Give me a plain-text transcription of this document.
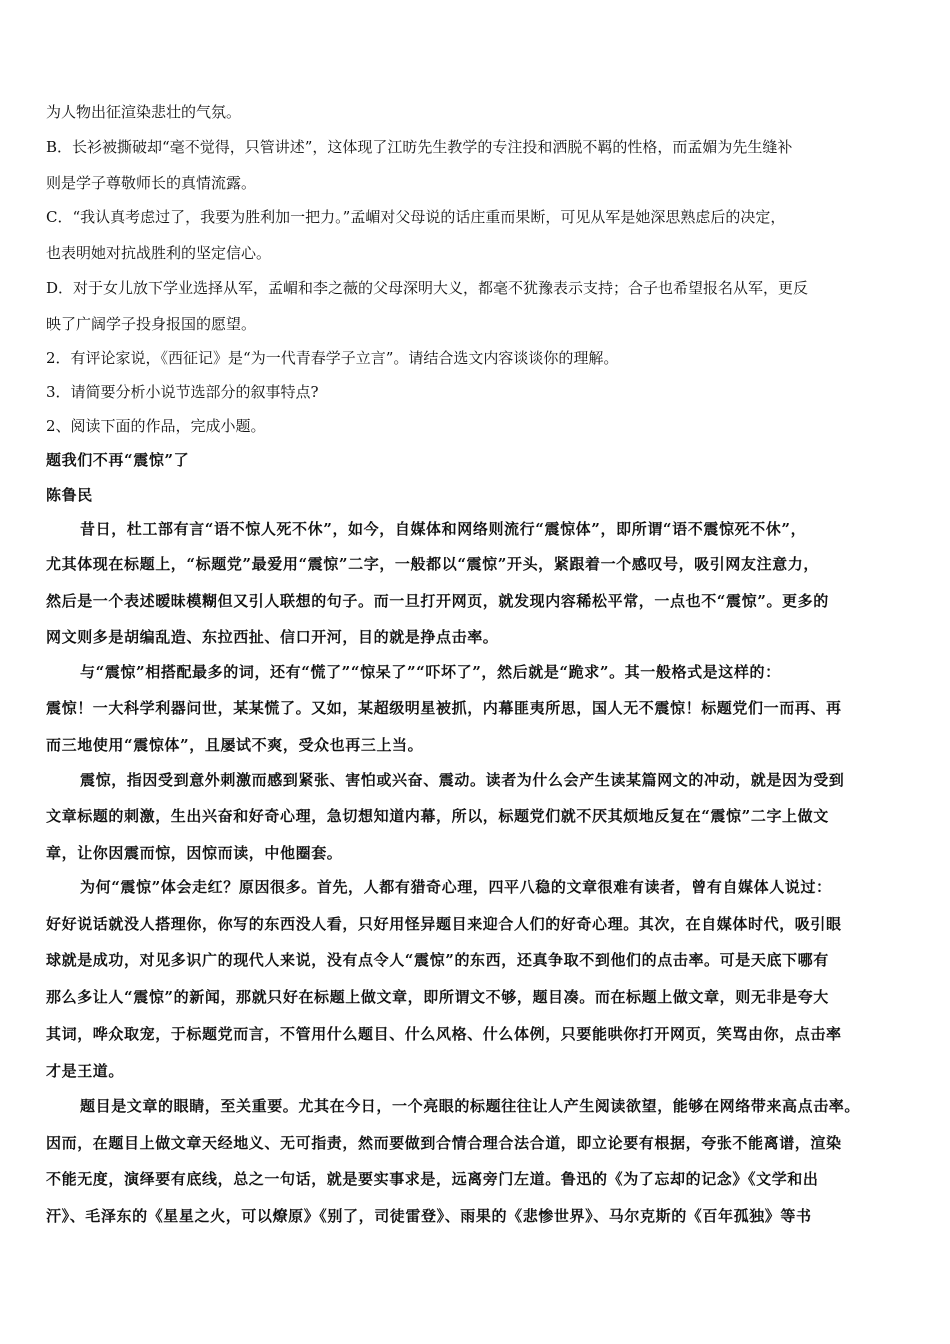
为人物出征渲染悲壮的气氛。
B．长衫被撕破却“毫不觉得，只管讲述”，这体现了江昉先生教学的专注投和洒脱不羁的性格，而孟媚为先生缝补
则是学子尊敬师长的真情流露。
C．“我认真考虑过了，我要为胜利加一把力。”孟嵋对父母说的话庄重而果断，可见从军是她深思熟虑后的决定，
也表明她对抗战胜利的坚定信心。
D．对于女儿放下学业选择从军，孟嵋和李之薇的父母深明大义，都毫不犹豫表示支持；合子也希望报名从军，更反
映了广阔学子投身报国的愿望。
2．有评论家说，《西征记》是“为一代青春学子立言”。请结合选文内容谈谈你的理解。
3．请简要分析小说节选部分的叙事特点?
2、阅读下面的作品，完成小题。
题我们不再“震惊”了
陈鲁民
昔日，杜工部有言“语不惊人死不休”，如今，自媒体和网络则流行“震惊体”，即所谓“语不震惊死不休”，
尤其体现在标题上，“标题党”最爱用“震惊”二字，一般都以“震惊”开头，紧跟着一个感叹号，吸引网友注意力，
然后是一个表述暧昧模糊但又引人联想的句子。而一旦打开网页，就发现内容稀松平常，一点也不“震惊”。更多的
网文则多是胡编乱造、东拉西扯、信口开河，目的就是挣点击率。
与“震惊”相搭配最多的词，还有“慌了”“惊呆了”“吓坏了”，然后就是“跪求”。其一般格式是这样的：
震惊！一大科学利器问世，某某慌了。又如，某超级明星被抓，内幕匪夷所思，国人无不震惊！标题党们一而再、再
而三地使用“震惊体”，且屡试不爽，受众也再三上当。
震惊，指因受到意外刺激而感到紧张、害怕或兴奋、震动。读者为什么会产生读某篇网文的冲动，就是因为受到
文章标题的刺激，生出兴奋和好奇心理，急切想知道内幕，所以，标题党们就不厌其烦地反复在“震惊”二字上做文
章，让你因震而惊，因惊而读，中他圈套。
为何“震惊”体会走红？原因很多。首先，人都有猎奇心理，四平八稳的文章很难有读者，曾有自媒体人说过：
好好说话就没人搭理你，你写的东西没人看，只好用怪异题目来迎合人们的好奇心理。其次，在自媒体时代，吸引眼
球就是成功，对见多识广的现代人来说，没有点令人“震惊”的东西，还真争取不到他们的点击率。可是天底下哪有
那么多让人“震惊”的新闻，那就只好在标题上做文章，即所谓文不够，题目凑。而在标题上做文章，则无非是夸大
其词，哗众取宠，于标题党而言，不管用什么题目、什么风格、什么体例，只要能哄你打开网页，笑骂由你，点击率
才是王道。
题目是文章的眼睛，至关重要。尤其在今日，一个亮眼的标题往往让人产生阅读欲望，能够在网络带来高点击率。
因而，在题目上做文章天经地义、无可指责，然而要做到合情合理合法合道，即立论要有根据，夸张不能离谱，渲染
不能无度，演绎要有底线，总之一句话，就是要实事求是，远离旁门左道。鲁迅的《为了忘却的记念》《文学和出
汗》、毛泽东的《星星之火，可以燎原》《别了，司徒雷登》、雨果的《悲惨世界》、马尔克斯的《百年孤独》等书
